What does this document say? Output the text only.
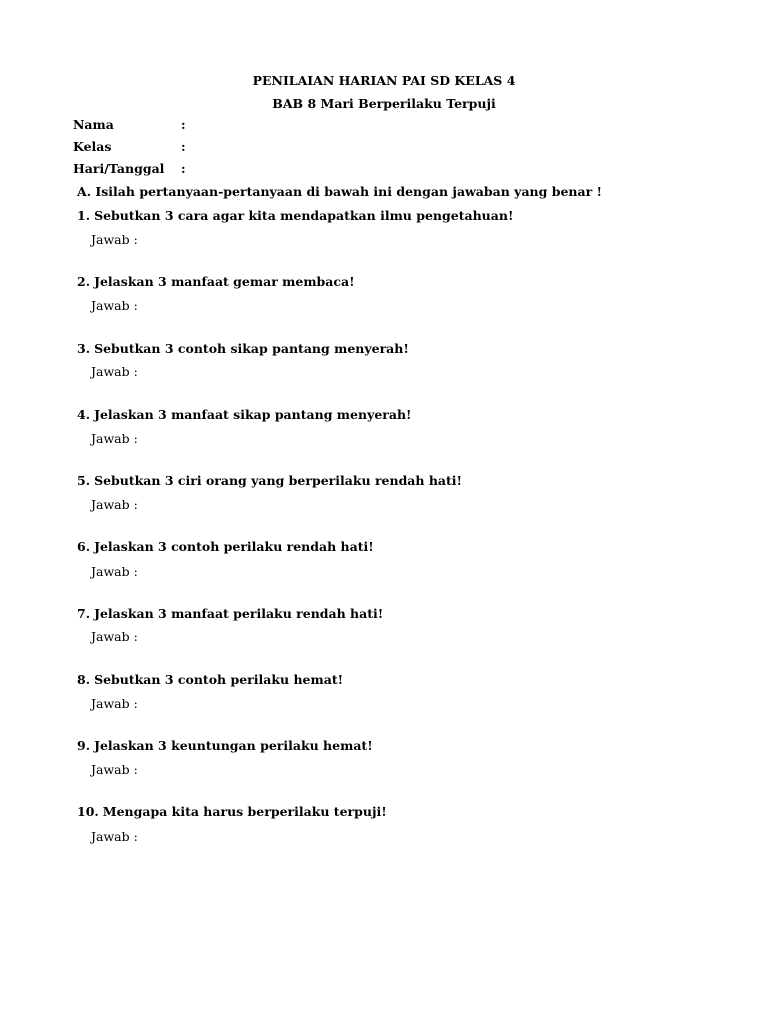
PENILAIAN HARIAN PAI SD KELAS 4
BAB 8 Mari Berperilaku Terpuji
Nama	:
Kelas	:
Hari/Tanggal :
A. Isilah pertanyaan-pertanyaan di bawah ini dengan jawaban yang benar !
1. Sebutkan 3 cara agar kita mendapatkan ilmu pengetahuan!
Jawab :
2. Jelaskan 3 manfaat gemar membaca!
Jawab :
3. Sebutkan 3 contoh sikap pantang menyerah!
Jawab :
4. Jelaskan 3 manfaat sikap pantang menyerah!
Jawab :
5. Sebutkan 3 ciri orang yang berperilaku rendah hati!
Jawab :
6. Jelaskan 3 contoh perilaku rendah hati!
Jawab :
7. Jelaskan 3 manfaat perilaku rendah hati!
Jawab :
8. Sebutkan 3 contoh perilaku hemat!
Jawab :
9. Jelaskan 3 keuntungan perilaku hemat!
Jawab :
10. Mengapa kita harus berperilaku terpuji!
Jawab :
